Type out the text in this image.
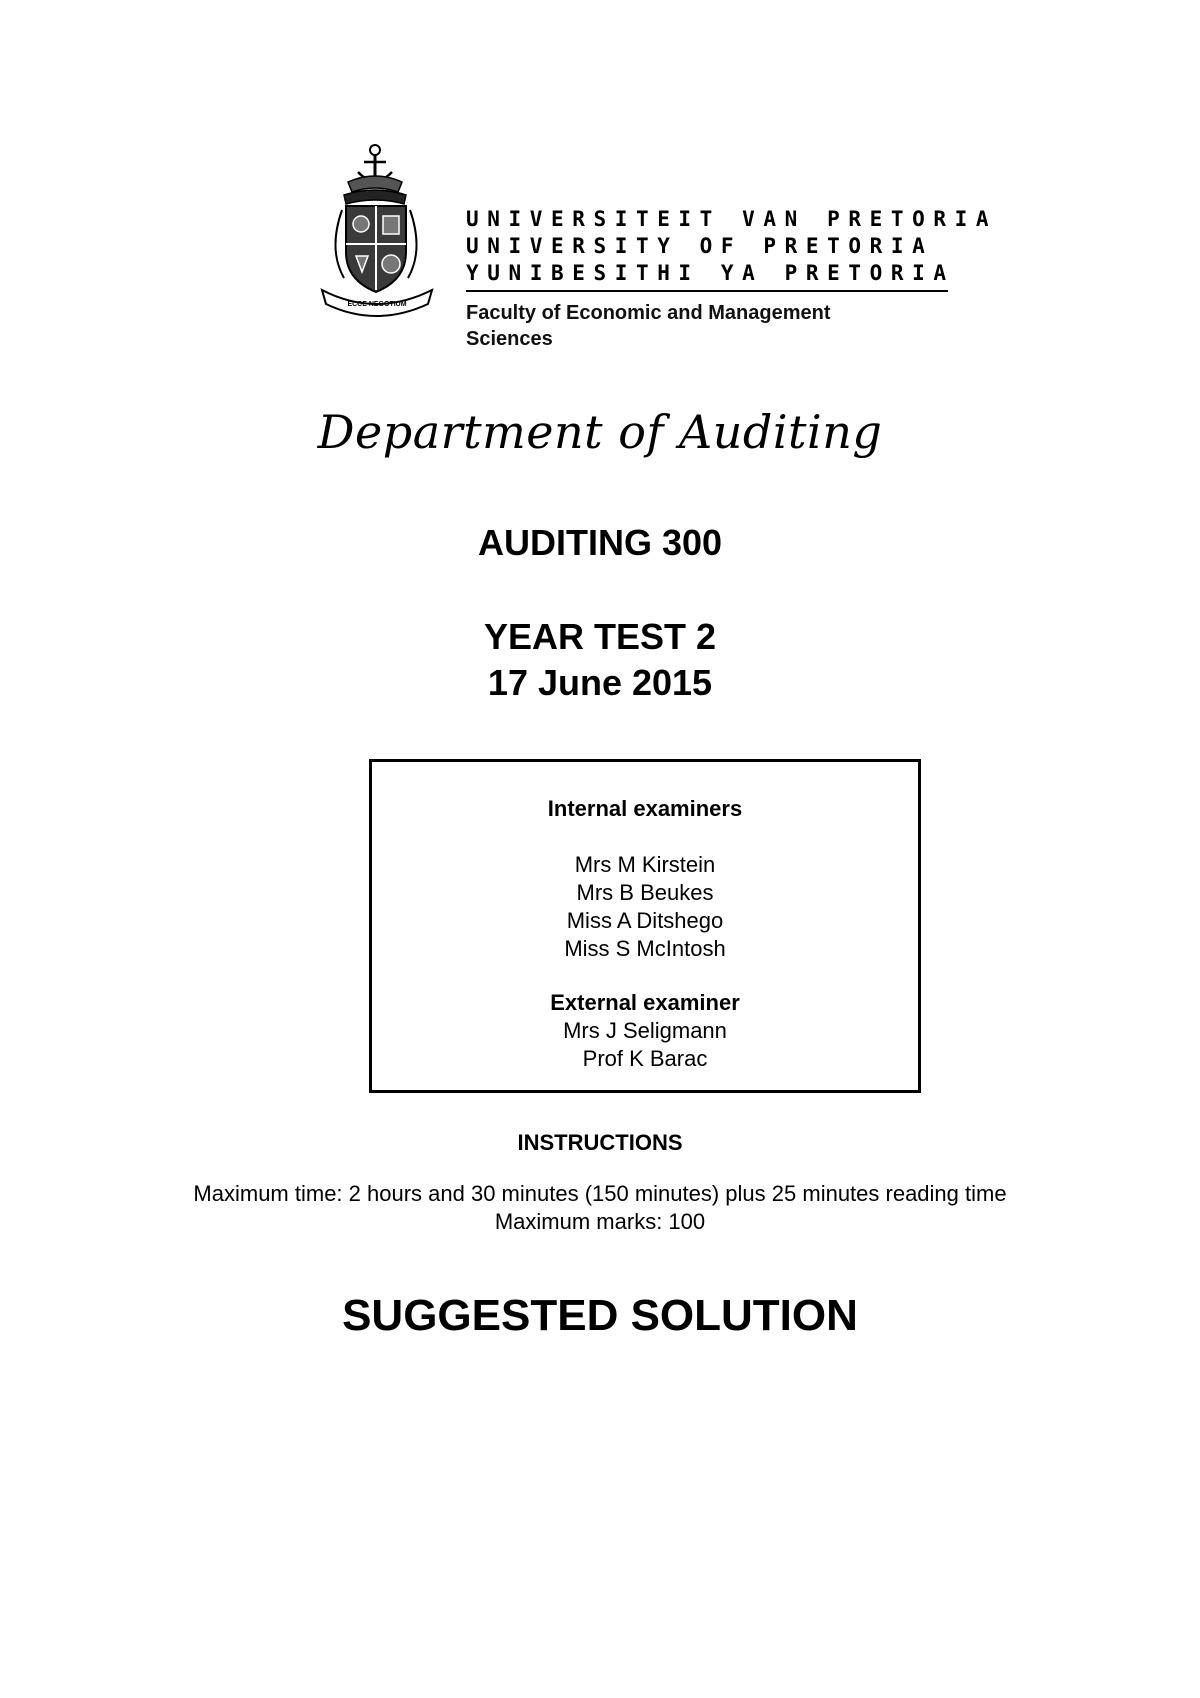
ECCE NEGOTIUM
UNIVERSITEIT VAN PRETORIA
UNIVERSITY OF PRETORIA
YUNIBESITHI YA PRETORIA
Faculty of Economic and Management Sciences
Department of Auditing
AUDITING 300
YEAR TEST 2
17 June 2015
Internal examiners
Mrs M Kirstein
Mrs B Beukes
Miss A Ditshego
Miss S McIntosh
External examiner
Mrs J Seligmann
Prof K Barac
INSTRUCTIONS
Maximum time: 2 hours and 30 minutes (150 minutes) plus 25 minutes reading time
Maximum marks: 100
SUGGESTED SOLUTION
